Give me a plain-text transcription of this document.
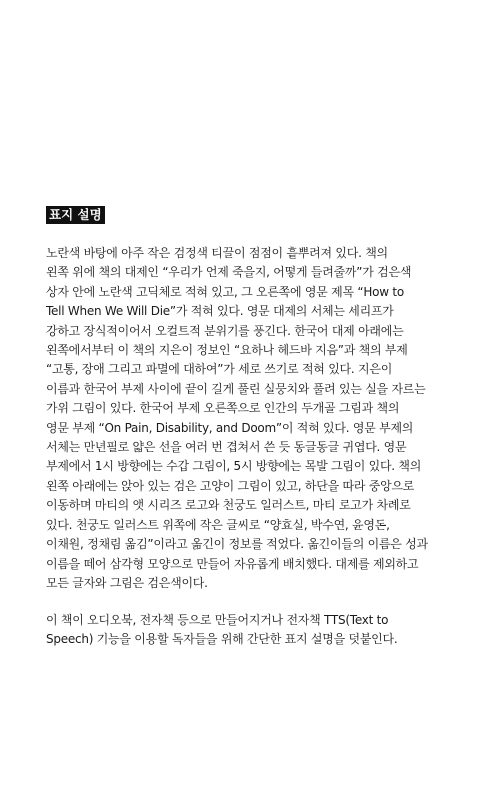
표지 설명

노란색 바탕에 아주 작은 검정색 티끌이 점점이 흩뿌려져 있다. 책의
왼쪽 위에 책의 대제인 “우리가 언제 죽을지, 어떻게 들려줄까”가 검은색
상자 안에 노란색 고딕체로 적혀 있고, 그 오른쪽에 영문 제목 “How to
Tell When We Will Die”가 적혀 있다. 영문 대제의 서체는 세리프가
강하고 장식적이어서 오컬트적 분위기를 풍긴다. 한국어 대제 아래에는
왼쪽에서부터 이 책의 지은이 정보인 “요하나 헤드바 지음”과 책의 부제
“고통, 장애 그리고 파멸에 대하여”가 세로 쓰기로 적혀 있다. 지은이
이름과 한국어 부제 사이에 끝이 길게 풀린 실뭉치와 풀려 있는 실을 자르는
가위 그림이 있다. 한국어 부제 오른쪽으로 인간의 두개골 그림과 책의
영문 부제 “On Pain, Disability, and Doom”이 적혀 있다. 영문 부제의
서체는 만년필로 얇은 선을 여러 번 겹쳐서 쓴 듯 동글동글 귀엽다. 영문
부제에서 1시 방향에는 수갑 그림이, 5시 방향에는 목발 그림이 있다. 책의
왼쪽 아래에는 앉아 있는 검은 고양이 그림이 있고, 하단을 따라 중앙으로
이동하며 마티의 앳 시리즈 로고와 천궁도 일러스트, 마티 로고가 차례로
있다. 천궁도 일러스트 위쪽에 작은 글씨로 “양효실, 박수연, 윤영돈,
이채원, 정채림 옮김”이라고 옮긴이 정보를 적었다. 옮긴이들의 이름은 성과
이름을 떼어 삼각형 모양으로 만들어 자유롭게 배치했다. 대제를 제외하고
모든 글자와 그림은 검은색이다.

이 책이 오디오북, 전자책 등으로 만들어지거나 전자책 TTS(Text to
Speech) 기능을 이용할 독자들을 위해 간단한 표지 설명을 덧붙인다.
